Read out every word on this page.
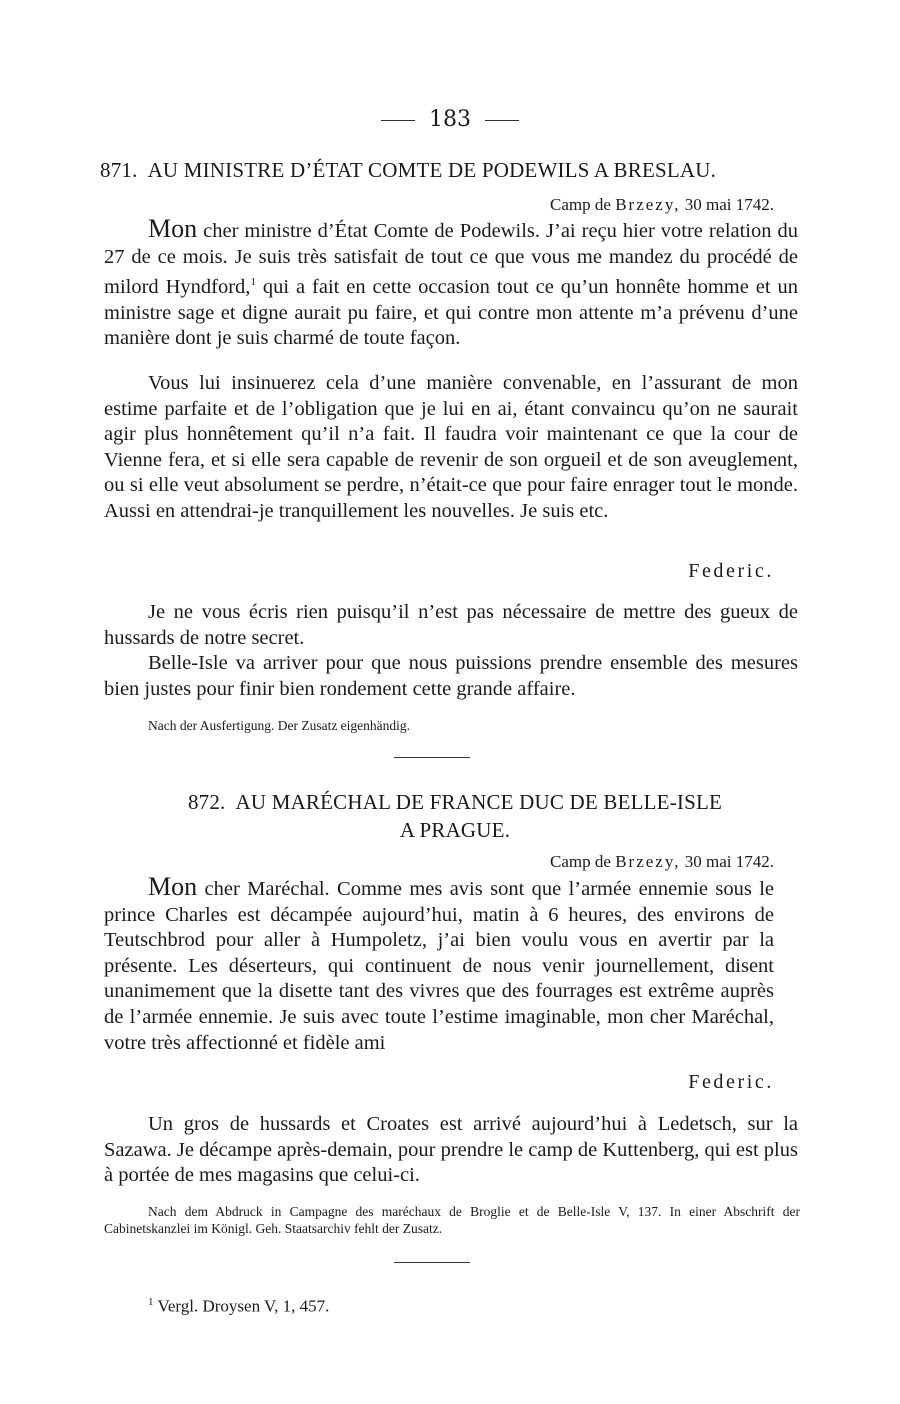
183
871. AU MINISTRE D’ÉTAT COMTE DE PODEWILS A BRESLAU.
Camp de Brzezy, 30 mai 1742.

Mon cher ministre d’État Comte de Podewils. J’ai reçu hier votre relation du 27 de ce mois. Je suis très satisfait de tout ce que vous me mandez du procédé de milord Hyndford,$^1$ qui a fait en cette occasion tout ce qu’un honnête homme et un ministre sage et digne aurait pu faire, et qui contre mon attente m’a prévenu d’une manière dont je suis charmé de toute façon.

Vous lui insinuerez cela d’une manière convenable, en l’assurant de mon estime parfaite et de l’obligation que je lui en ai, étant convaincu qu’on ne saurait agir plus honnêtement qu’il n’a fait. Il faudra voir maintenant ce que la cour de Vienne fera, et si elle sera capable de revenir de son orgueil et de son aveuglement, ou si elle veut absolument se perdre, n’était-ce que pour faire enrager tout le monde. Aussi en attendrai-je tranquillement les nouvelles. Je suis etc.

Federic.

Je ne vous écris rien puisqu’il n’est pas nécessaire de mettre des gueux de hussards de notre secret.

Belle-Isle va arriver pour que nous puissions prendre ensemble des mesures bien justes pour finir bien rondement cette grande affaire.

Nach der Ausfertigung. Der Zusatz eigenhändig.
872. AU MARÉCHAL DE FRANCE DUC DE BELLE-ISLE
A PRAGUE.
Camp de Brzezy, 30 mai 1742.

Mon cher Maréchal. Comme mes avis sont que l’armée ennemie sous le prince Charles est décampée aujourd’hui, matin à 6 heures, des environs de Teutschbrod pour aller à Humpoletz, j’ai bien voulu vous en avertir par la présente. Les déserteurs, qui continuent de nous venir journellement, disent unanimement que la disette tant des vivres que des fourrages est extrême auprès de l’armée ennemie. Je suis avec toute l’estime imaginable, mon cher Maréchal, votre très affectionné et fidèle ami

Federic.

Un gros de hussards et Croates est arrivé aujourd’hui à Ledetsch, sur la Sazawa. Je décampe après-demain, pour prendre le camp de Kuttenberg, qui est plus à portée de mes magasins que celui-ci.

Nach dem Abdruck in Campagne des maréchaux de Broglie et de Belle-Isle V, 137. In einer Abschrift der Cabinetskanzlei im Königl. Geh. Staatsarchiv fehlt der Zusatz.

$^1$ Vergl. Droysen V, 1, 457.
